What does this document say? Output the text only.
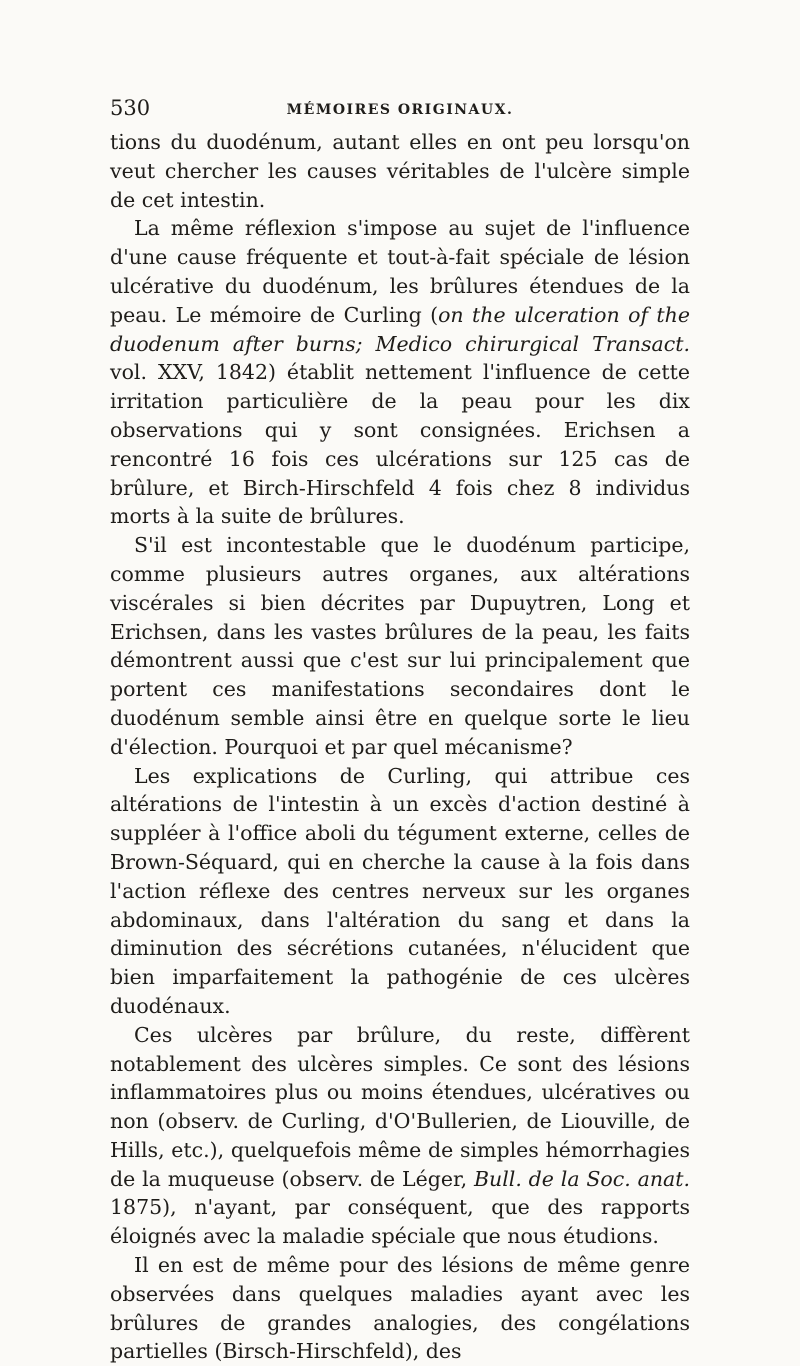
530	MÉMOIRES ORIGINAUX.

tions du duodénum, autant elles en ont peu lorsqu'on veut chercher les causes véritables de l'ulcère simple de cet intestin.

La même réflexion s'impose au sujet de l'influence d'une cause fréquente et tout-à-fait spéciale de lésion ulcérative du duodénum, les brûlures étendues de la peau. Le mémoire de Curling (on the ulceration of the duodenum after burns; Medico chirurgical Transact. vol. XXV, 1842) établit nettement l'influence de cette irritation particulière de la peau pour les dix observations qui y sont consignées. Erichsen a rencontré 16 fois ces ulcérations sur 125 cas de brûlure, et Birch-Hirschfeld 4 fois chez 8 individus morts à la suite de brûlures.

S'il est incontestable que le duodénum participe, comme plusieurs autres organes, aux altérations viscérales si bien décrites par Dupuytren, Long et Erichsen, dans les vastes brûlures de la peau, les faits démontrent aussi que c'est sur lui principalement que portent ces manifestations secondaires dont le duodénum semble ainsi être en quelque sorte le lieu d'élection. Pourquoi et par quel mécanisme?

Les explications de Curling, qui attribue ces altérations de l'intestin à un excès d'action destiné à suppléer à l'office aboli du tégument externe, celles de Brown-Séquard, qui en cherche la cause à la fois dans l'action réflexe des centres nerveux sur les organes abdominaux, dans l'altération du sang et dans la diminution des sécrétions cutanées, n'élucident que bien imparfaitement la pathogénie de ces ulcères duodénaux.

Ces ulcères par brûlure, du reste, diffèrent notablement des ulcères simples. Ce sont des lésions inflammatoires plus ou moins étendues, ulcératives ou non (observ. de Curling, d'O'Bullerien, de Liouville, de Hills, etc.), quelquefois même de simples hémorrhagies de la muqueuse (observ. de Léger, Bull. de la Soc. anat. 1875), n'ayant, par conséquent, que des rapports éloignés avec la maladie spéciale que nous étudions.

Il en est de même pour des lésions de même genre observées dans quelques maladies ayant avec les brûlures de grandes analogies, des congélations partielles (Birsch-Hirschfeld), des
